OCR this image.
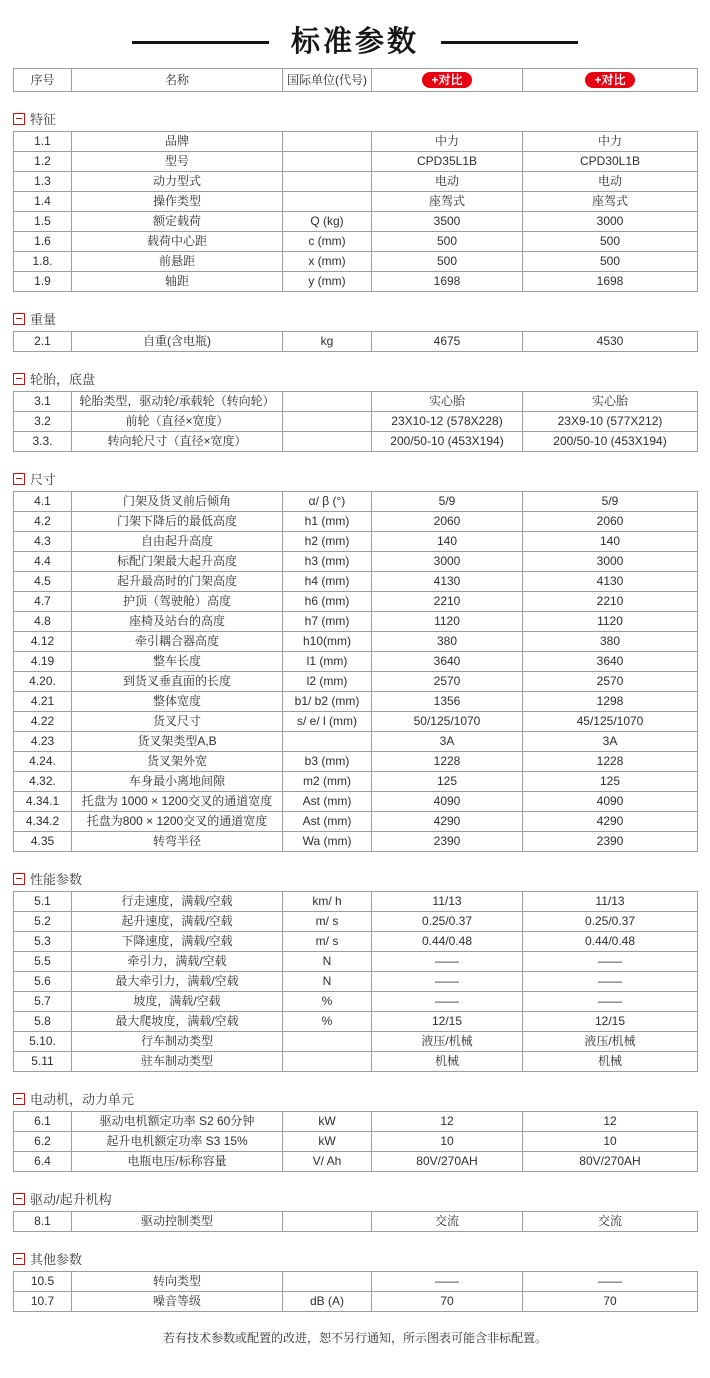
标准参数
序号	名称	国际单位(代号)	+对比	+对比
特征
1.1	品牌		中力	中力
1.2	型号		CPD35L1B	CPD30L1B
1.3	动力型式		电动	电动
1.4	操作类型		座驾式	座驾式
1.5	额定载荷	Q (kg)	3500	3000
1.6	载荷中心距	c (mm)	500	500
1.8.	前悬距	x (mm)	500	500
1.9	轴距	y (mm)	1698	1698
重量
2.1	自重(含电瓶)	kg	4675	4530
轮胎，底盘
3.1	轮胎类型，驱动轮/承载轮（转向轮）		实心胎	实心胎
3.2	前轮（直径×宽度）		23X10-12 (578X228)	23X9-10 (577X212)
3.3.	转向轮尺寸（直径×宽度）		200/50-10 (453X194)	200/50-10 (453X194)
尺寸
4.1	门架及货叉前后倾角	α/ β (°)	5/9	5/9
4.2	门架下降后的最低高度	h1 (mm)	2060	2060
4.3	自由起升高度	h2 (mm)	140	140
4.4	标配门架最大起升高度	h3 (mm)	3000	3000
4.5	起升最高时的门架高度	h4 (mm)	4130	4130
4.7	护顶（驾驶舱）高度	h6 (mm)	2210	2210
4.8	座椅及站台的高度	h7 (mm)	1120	1120
4.12	牵引耦合器高度	h10(mm)	380	380
4.19	整车长度	l1 (mm)	3640	3640
4.20.	到货叉垂直面的长度	l2 (mm)	2570	2570
4.21	整体宽度	b1/ b2 (mm)	1356	1298
4.22	货叉尺寸	s/ e/ l (mm)	50/125/1070	45/125/1070
4.23	货叉架类型A,B		3A	3A
4.24.	货叉架外宽	b3 (mm)	1228	1228
4.32.	车身最小离地间隙	m2 (mm)	125	125
4.34.1	托盘为 1000 × 1200交叉的通道宽度	Ast (mm)	4090	4090
4.34.2	托盘为800 × 1200交叉的通道宽度	Ast (mm)	4290	4290
4.35	转弯半径	Wa (mm)	2390	2390
性能参数
5.1	行走速度，满载/空载	km/ h	11/13	11/13
5.2	起升速度，满载/空载	m/ s	0.25/0.37	0.25/0.37
5.3	下降速度，满载/空载	m/ s	0.44/0.48	0.44/0.48
5.5	牵引力，满载/空载	N	——	——
5.6	最大牵引力，满载/空载	N	——	——
5.7	坡度，满载/空载	%	——	——
5.8	最大爬坡度，满载/空载	%	12/15	12/15
5.10.	行车制动类型		液压/机械	液压/机械
5.11	驻车制动类型		机械	机械
电动机，动力单元
6.1	驱动电机额定功率 S2 60分钟	kW	12	12
6.2	起升电机额定功率 S3 15%	kW	10	10
6.4	电瓶电压/标称容量	V/ Ah	80V/270AH	80V/270AH
驱动/起升机构
8.1	驱动控制类型		交流	交流
其他参数
10.5	转向类型		——	——
10.7	噪音等级	dB (A)	70	70
若有技术参数或配置的改进，恕不另行通知，所示图表可能含非标配置。
